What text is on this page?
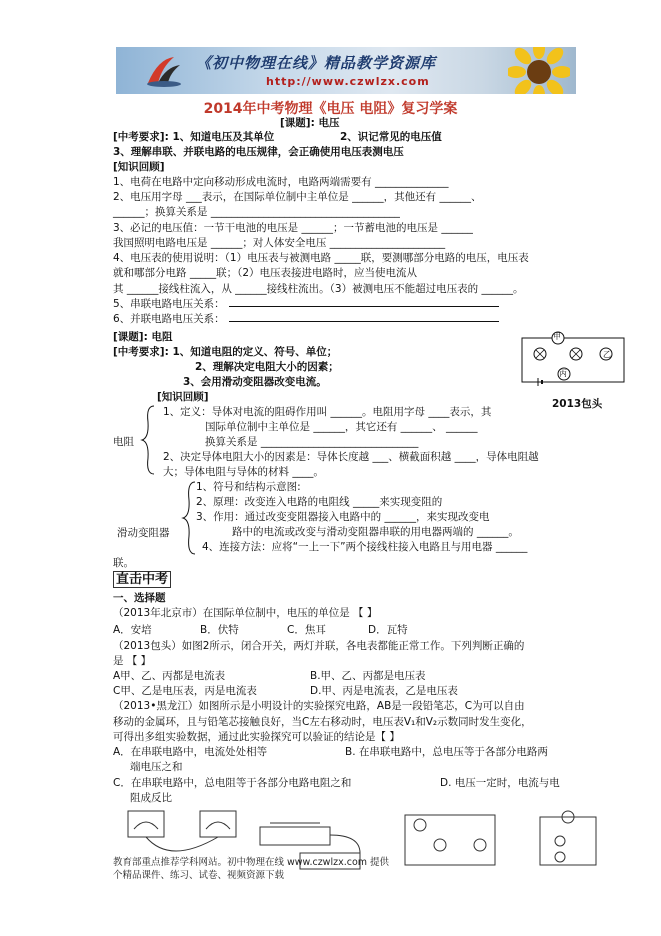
《初中物理在线》精品教学资源库
http://www.czwlzx.com
2014年中考物理《电压 电阻》复习学案
[课题]: 电压
[中考要求]: 1、知道电压及其单位	2、识记常见的电压值
3、理解串联、并联电路的电压规律，会正确使用电压表测电压
[知识回顾]
1、电荷在电路中定向移动形成电流时，电路两端需要有 ______________
2、电压用字母 ___表示，在国际单位制中主单位是 ______，其他还有 ______、
______；换算关系是 ____________________________________
3、必记的电压值：一节干电池的电压是 ______；一节蓄电池的电压是 ______
我国照明电路电压是 ______；对人体安全电压 ______________________
4、电压表的使用说明：（1）电压表与被测电路 _____联，要测哪部分电路的电压，电压表
就和哪部分电路 _____联；（2）电压表接进电路时，应当使电流从
其 ______接线柱流入，从 ______接线柱流出。（3）被测电压不能超过电压表的 ______。
5、串联电路电压关系：
6、并联电路电压关系：
[课题]: 电阻
[中考要求]: 1、知道电阻的定义、符号、单位；
2、理解决定电阻大小的因素；
3、会用滑动变阻器改变电流。
甲
乙
丙
2013包头
[知识回顾]
电阻
1、定义：导体对电流的阻碍作用叫 ______。电阻用字母 ____表示，其
国际单位制中主单位是 ______，其它还有 ______、 ______
换算关系是 ______________________________
2、决定导体电阻大小的因素是：导体长度越 ___、横截面积越 ____，导体电阻越
大；导体电阻与导体的材料 ____。
滑动变阻器
1、符号和结构示意图:
2、原理：改变连入电路的电阻线 _____来实现变阻的
3、作用：通过改变变阻器接入电路中的 ______，来实现改变电
路中的电流或改变与滑动变阻器串联的用电器两端的 ______。
4、连接方法：应将“一上一下”两个接线柱接入电路且与用电器 ______
联。
直击中考
一、选择题
（2013年北京市）在国际单位制中，电压的单位是 【 】
A．安培	B．伏特	C．焦耳	D．瓦特
（2013包头）如图2所示，闭合开关，两灯并联，各电表都能正常工作。下列判断正确的
是 【 】
A甲、乙、丙都是电流表	B.甲、乙、丙都是电压表
C甲、乙是电压表，丙是电流表	D.甲、丙是电流表，乙是电压表
（2013•黑龙江）如图所示是小明设计的实验探究电路，AB是一段铅笔芯，C为可以自由
移动的金属环，且与铅笔芯接触良好，当C左右移动时，电压表V₁和V₂示数同时发生变化，
可得出多组实验数据，通过此实验探究可以验证的结论是【 】
A．在串联电路中，电流处处相等	B. 在串联电路中，总电压等于各部分电路两
端电压之和
C．在串联电路中，总电阻等于各部分电路电阻之和	D. 电压一定时，电流与电
阻成反比
教育部重点推荐学科网站。初中物理在线 www.czwlzx.com 提供
个精品课件、练习、试卷、视频资源下载
